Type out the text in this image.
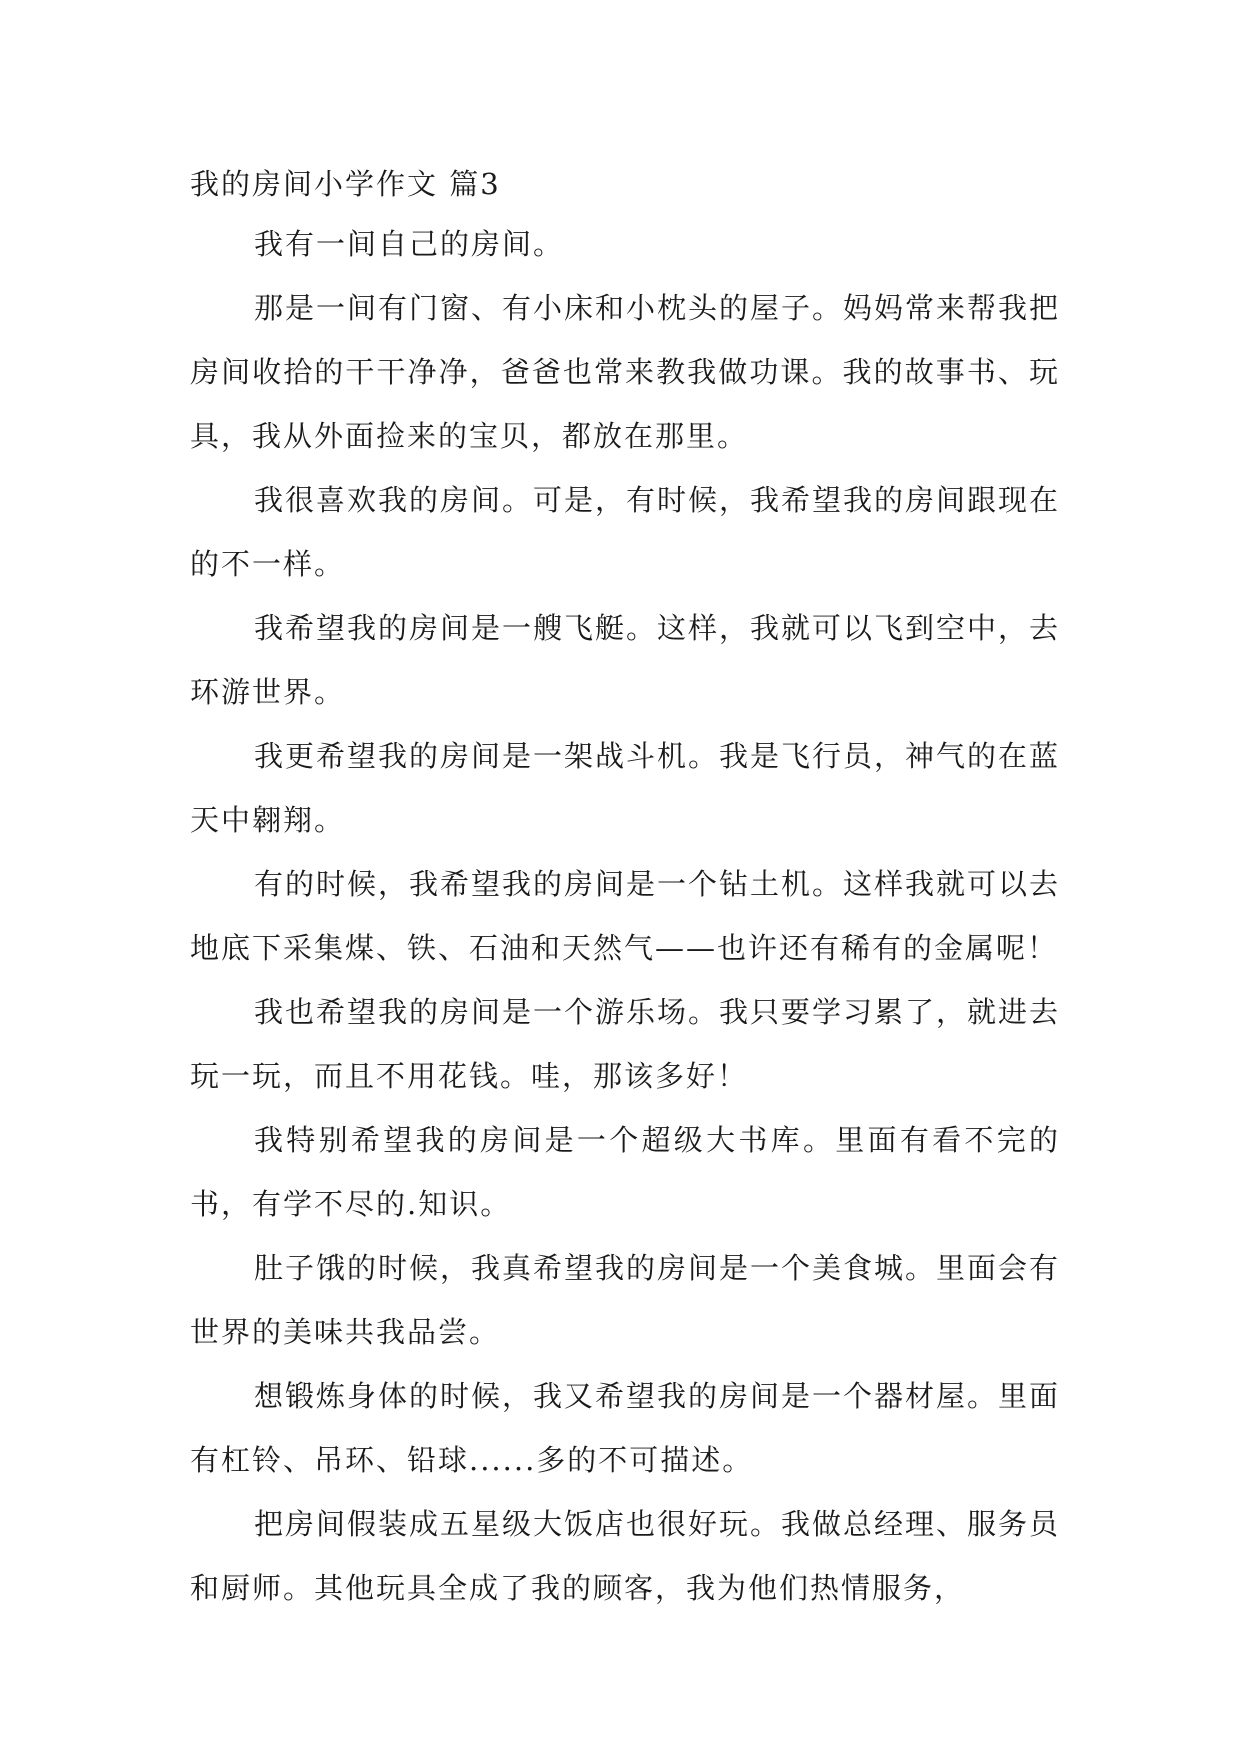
我的房间小学作文 篇3

我有一间自己的房间。

那是一间有门窗、有小床和小枕头的屋子。妈妈常来帮我把房间收拾的干干净净，爸爸也常来教我做功课。我的故事书、玩具，我从外面捡来的宝贝，都放在那里。

我很喜欢我的房间。可是，有时候，我希望我的房间跟现在的不一样。

我希望我的房间是一艘飞艇。这样，我就可以飞到空中，去环游世界。

我更希望我的房间是一架战斗机。我是飞行员，神气的在蓝天中翱翔。

有的时候，我希望我的房间是一个钻土机。这样我就可以去地底下采集煤、铁、石油和天然气——也许还有稀有的金属呢！

我也希望我的房间是一个游乐场。我只要学习累了，就进去玩一玩，而且不用花钱。哇，那该多好！

我特别希望我的房间是一个超级大书库。里面有看不完的书，有学不尽的.知识。

肚子饿的时候，我真希望我的房间是一个美食城。里面会有世界的美味共我品尝。

想锻炼身体的时候，我又希望我的房间是一个器材屋。里面有杠铃、吊环、铅球......多的不可描述。

把房间假装成五星级大饭店也很好玩。我做总经理、服务员和厨师。其他玩具全成了我的顾客，我为他们热情服务，
